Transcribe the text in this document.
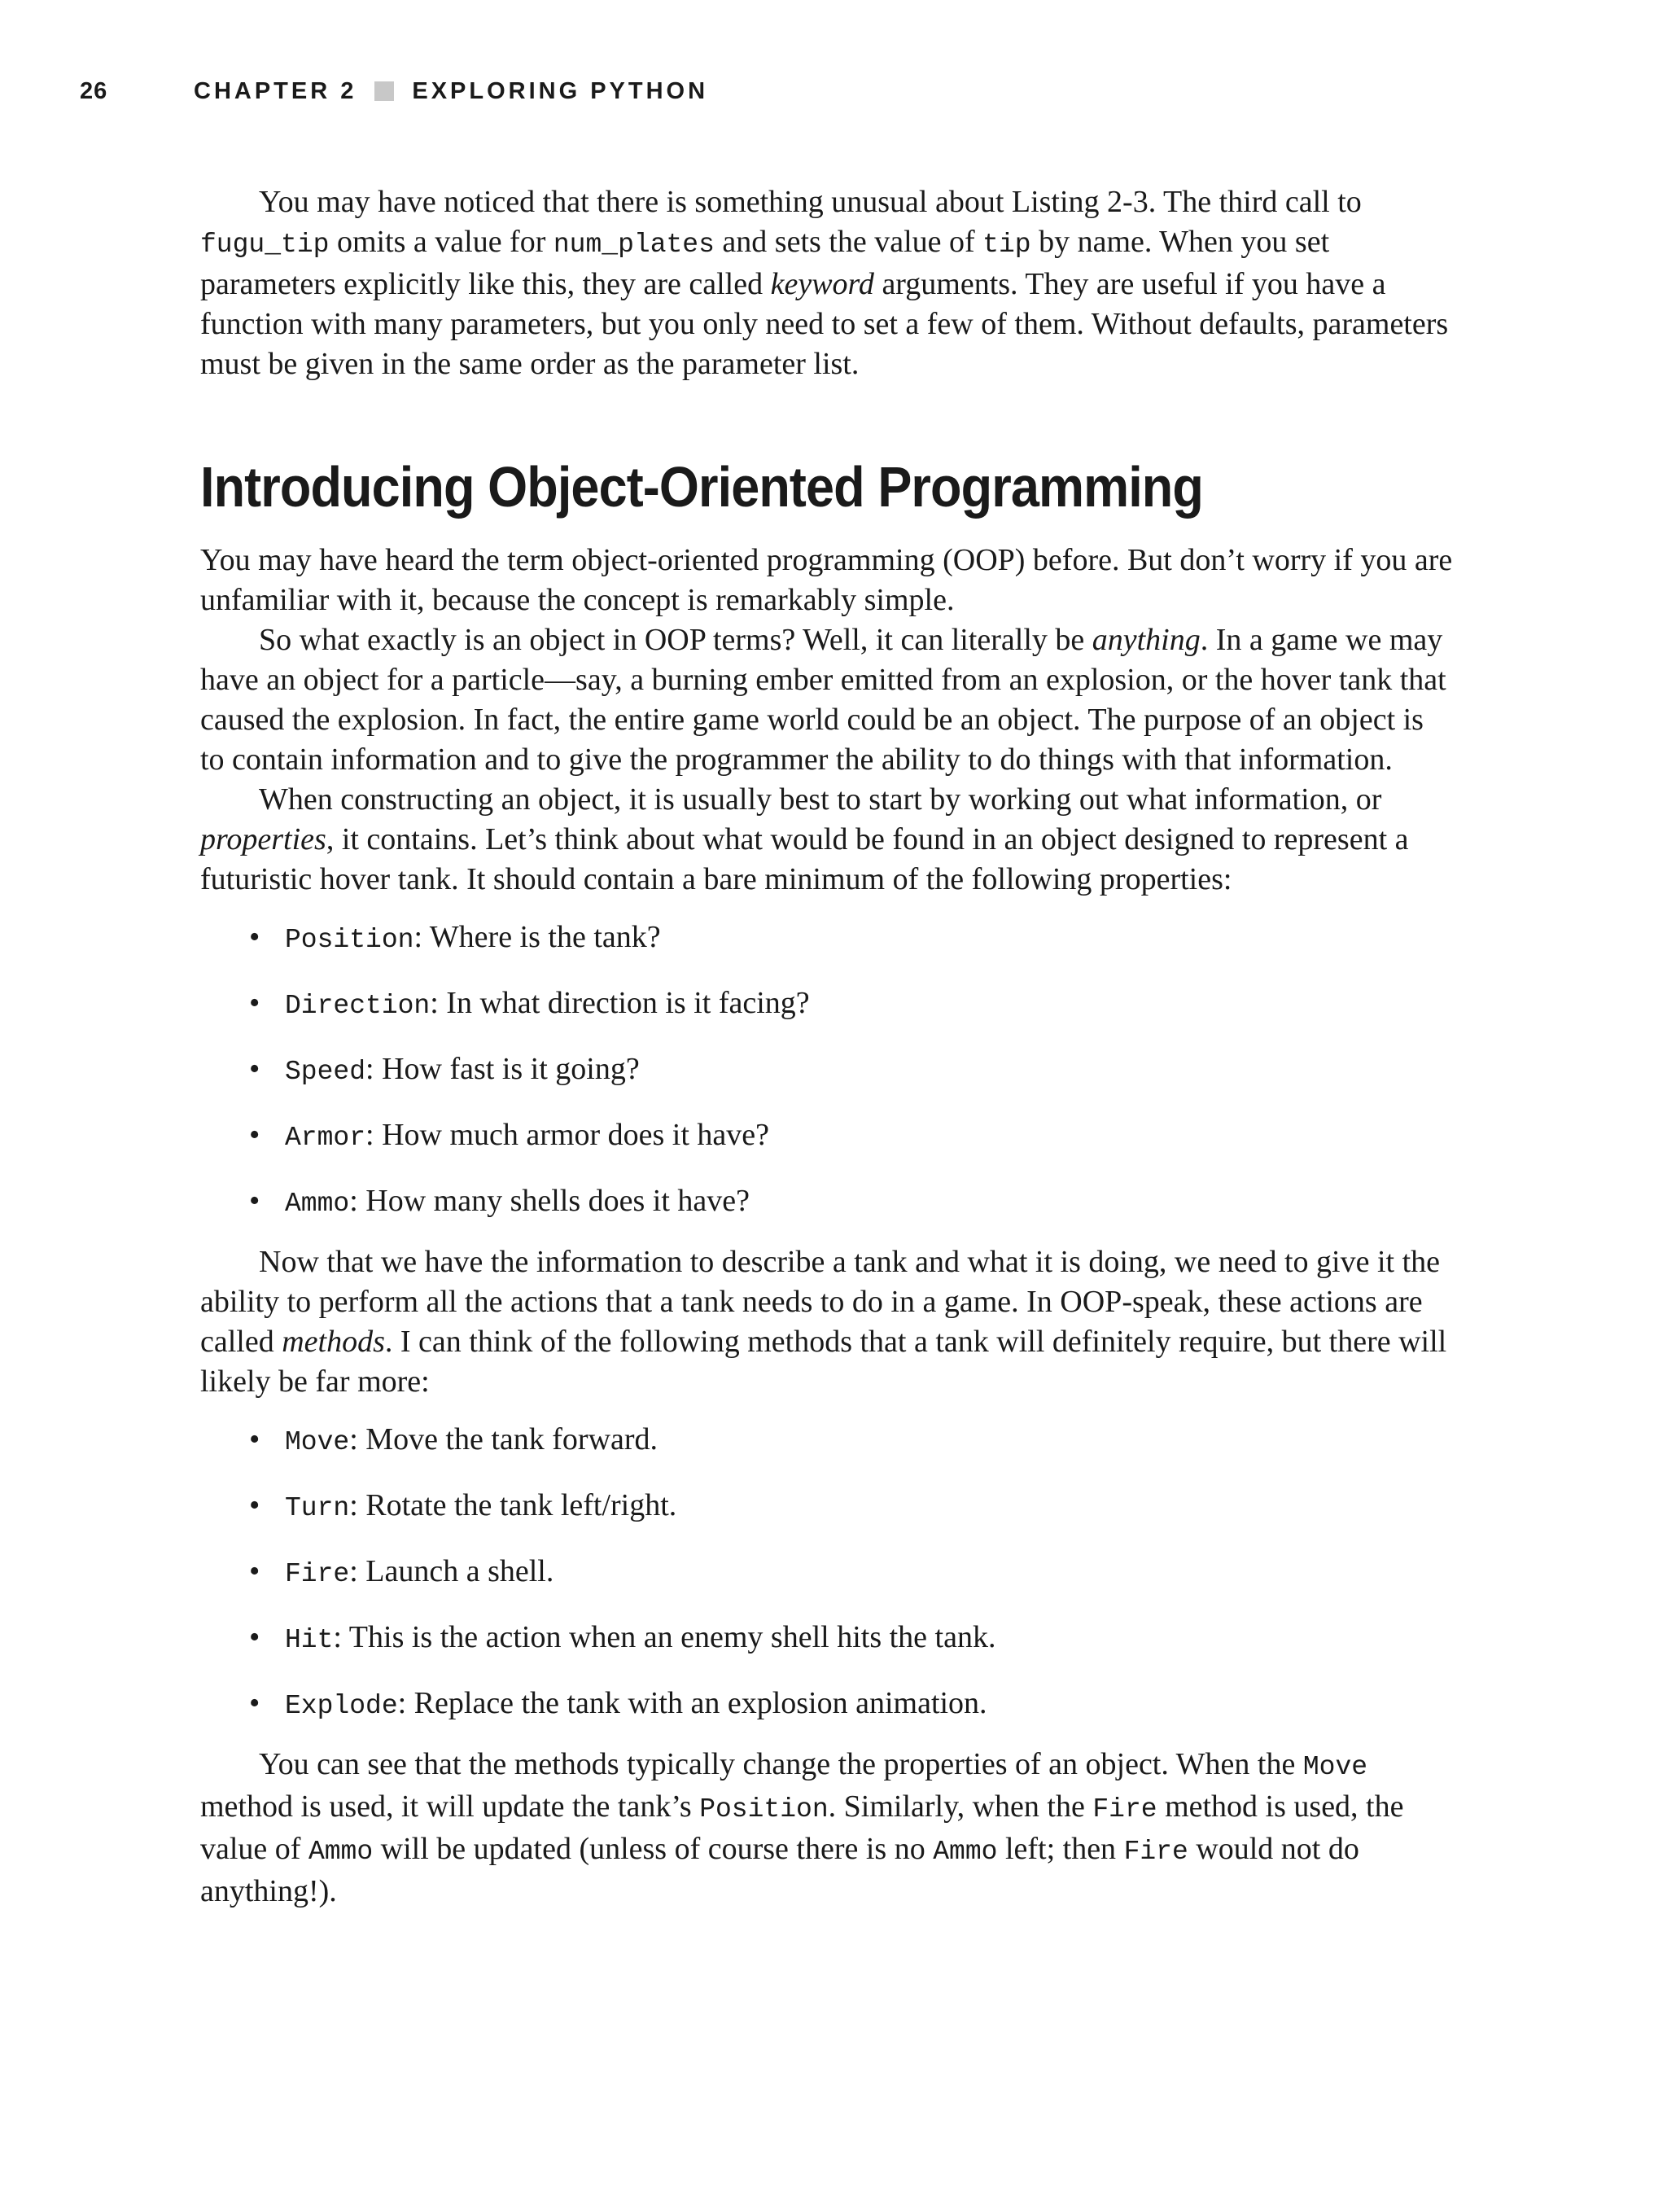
26	CHAPTER 2 EXPLORING PYTHON

You may have noticed that there is something unusual about Listing 2-3. The third call to fugu_tip omits a value for num_plates and sets the value of tip by name. When you set parameters explicitly like this, they are called keyword arguments. They are useful if you have a function with many parameters, but you only need to set a few of them. Without defaults, parameters must be given in the same order as the parameter list.

Introducing Object-Oriented Programming

You may have heard the term object-oriented programming (OOP) before. But don’t worry if you are unfamiliar with it, because the concept is remarkably simple.

So what exactly is an object in OOP terms? Well, it can literally be anything. In a game we may have an object for a particle—say, a burning ember emitted from an explosion, or the hover tank that caused the explosion. In fact, the entire game world could be an object. The purpose of an object is to contain information and to give the programmer the ability to do things with that information.

When constructing an object, it is usually best to start by working out what information, or properties, it contains. Let’s think about what would be found in an object designed to represent a futuristic hover tank. It should contain a bare minimum of the following properties:

• Position: Where is the tank?
• Direction: In what direction is it facing?
• Speed: How fast is it going?
• Armor: How much armor does it have?
• Ammo: How many shells does it have?

Now that we have the information to describe a tank and what it is doing, we need to give it the ability to perform all the actions that a tank needs to do in a game. In OOP-speak, these actions are called methods. I can think of the following methods that a tank will definitely require, but there will likely be far more:

• Move: Move the tank forward.
• Turn: Rotate the tank left/right.
• Fire: Launch a shell.
• Hit: This is the action when an enemy shell hits the tank.
• Explode: Replace the tank with an explosion animation.

You can see that the methods typically change the properties of an object. When the Move method is used, it will update the tank’s Position. Similarly, when the Fire method is used, the value of Ammo will be updated (unless of course there is no Ammo left; then Fire would not do anything!).
